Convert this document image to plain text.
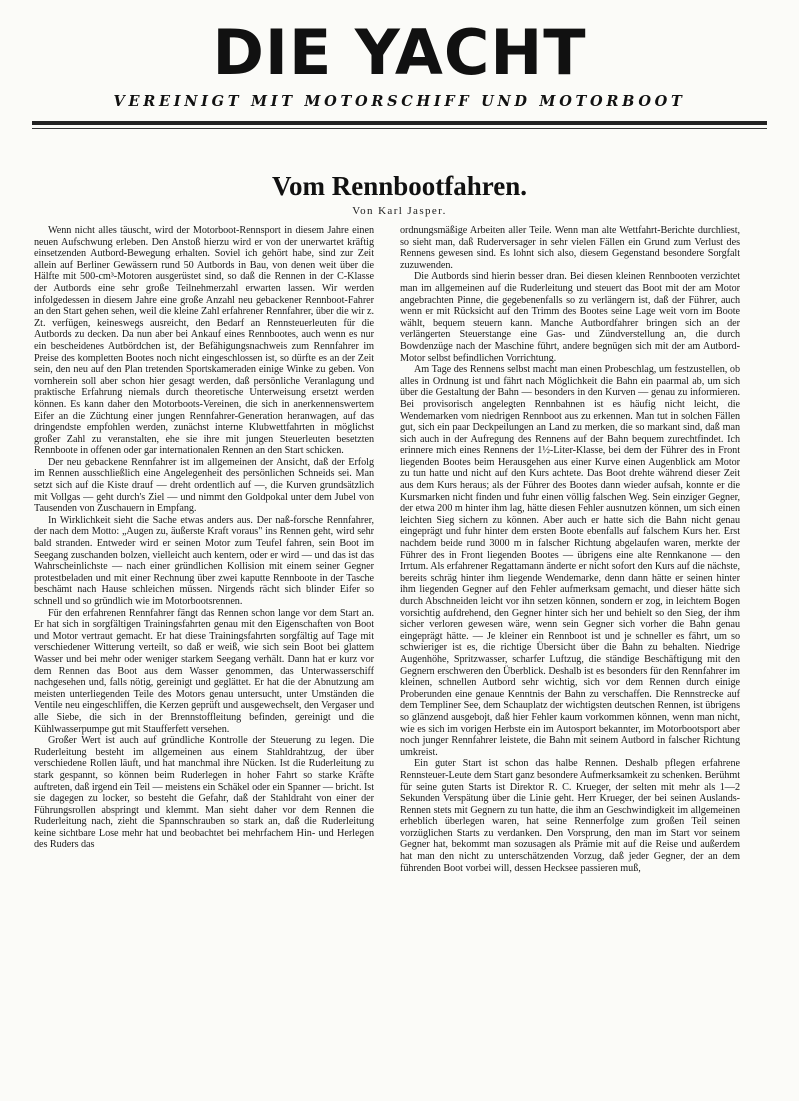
DIE YACHT
VEREINIGT MIT MOTORSCHIFF UND MOTORBOOT
Vom Rennbootfahren.
Von Karl Jasper.

Wenn nicht alles täuscht, wird der Motorboot-Rennsport in diesem Jahre einen neuen Aufschwung erleben. Den Anstoß hierzu wird er von der unerwartet kräftig einsetzenden Autbord-Bewegung erhalten. Soviel ich gehört habe, sind zur Zeit allein auf Berliner Gewässern rund 50 Autbords in Bau, von denen weit über die Hälfte mit 500-cm³-Motoren ausgerüstet sind, so daß die Rennen in der C-Klasse der Autbords eine sehr große Teilnehmerzahl erwarten lassen. Wir werden infolgedessen in diesem Jahre eine große Anzahl neu gebackener Rennboot-Fahrer an den Start gehen sehen, weil die kleine Zahl erfahrener Rennfahrer, über die wir z. Zt. verfügen, keineswegs ausreicht, den Bedarf an Rennsteuerleuten für die Autbords zu decken. Da nun aber bei Ankauf eines Rennbootes, auch wenn es nur ein bescheidenes Autbördchen ist, der Befähigungsnachweis zum Rennfahrer im Preise des kompletten Bootes noch nicht eingeschlossen ist, so dürfte es an der Zeit sein, den neu auf den Plan tretenden Sportskameraden einige Winke zu geben. Von vornherein soll aber schon hier gesagt werden, daß persönliche Veranlagung und praktische Erfahrung niemals durch theoretische Unterweisung ersetzt werden können. Es kann daher den Motorboots-Vereinen, die sich in anerkennenswertem Eifer an die Züchtung einer jungen Rennfahrer-Generation heranwagen, auf das dringendste empfohlen werden, zunächst interne Klubwettfahrten in möglichst großer Zahl zu veranstalten, ehe sie ihre mit jungen Steuerleuten besetzten Rennboote in offenen oder gar internationalen Rennen an den Start schicken.

Der neu gebackene Rennfahrer ist im allgemeinen der Ansicht, daß der Erfolg im Rennen ausschließlich eine Angelegenheit des persönlichen Schneids sei. Man setzt sich auf die Kiste drauf — dreht ordentlich auf —, die Kurven grundsätzlich mit Vollgas — geht durch's Ziel — und nimmt den Goldpokal unter dem Jubel von Tausenden von Zuschauern in Empfang.

In Wirklichkeit sieht die Sache etwas anders aus. Der naß-forsche Rennfahrer, der nach dem Motto: „Augen zu, äußerste Kraft voraus" ins Rennen geht, wird sehr bald stranden. Entweder wird er seinen Motor zum Teufel fahren, sein Boot im Seegang zuschanden bolzen, vielleicht auch kentern, oder er wird — und das ist das Wahrscheinlichste — nach einer gründlichen Kollision mit einem seiner Gegner protestbeladen und mit einer Rechnung über zwei kaputte Rennboote in der Tasche beschämt nach Hause schleichen müssen. Nirgends rächt sich blinder Eifer so schnell und so gründlich wie im Motorbootsrennen.

Für den erfahrenen Rennfahrer fängt das Rennen schon lange vor dem Start an. Er hat sich in sorgfältigen Trainingsfahrten genau mit den Eigenschaften von Boot und Motor vertraut gemacht. Er hat diese Trainingsfahrten sorgfältig auf Tage mit verschiedener Witterung verteilt, so daß er weiß, wie sich sein Boot bei glattem Wasser und bei mehr oder weniger starkem Seegang verhält. Dann hat er kurz vor dem Rennen das Boot aus dem Wasser genommen, das Unterwasserschiff nachgesehen und, falls nötig, gereinigt und geglättet. Er hat die der Abnutzung am meisten unterliegenden Teile des Motors genau untersucht, unter Umständen die Ventile neu eingeschliffen, die Kerzen geprüft und ausgewechselt, den Vergaser und alle Siebe, die sich in der Brennstoffleitung befinden, gereinigt und die Kühlwasserpumpe gut mit Staufferfett versehen.

Großer Wert ist auch auf gründliche Kontrolle der Steuerung zu legen. Die Ruderleitung besteht im allgemeinen aus einem Stahldrahtzug, der über verschiedene Rollen läuft, und hat manchmal ihre Nücken. Ist die Ruderleitung zu stark gespannt, so können beim Ruderlegen in hoher Fahrt so starke Kräfte auftreten, daß irgend ein Teil — meistens ein Schäkel oder ein Spanner — bricht. Ist sie dagegen zu locker, so besteht die Gefahr, daß der Stahldraht von einer der Führungsrollen abspringt und klemmt. Man sieht daher vor dem Rennen die Ruderleitung nach, zieht die Spannschrauben so stark an, daß die Ruderleitung keine sichtbare Lose mehr hat und beobachtet bei mehrfachem Hin- und Herlegen des Ruders das

ordnungsmäßige Arbeiten aller Teile. Wenn man alte Wettfahrt-Berichte durchliest, so sieht man, daß Ruderversager in sehr vielen Fällen ein Grund zum Verlust des Rennens gewesen sind. Es lohnt sich also, diesem Gegenstand besondere Sorgfalt zuzuwenden.

Die Autbords sind hierin besser dran. Bei diesen kleinen Rennbooten verzichtet man im allgemeinen auf die Ruderleitung und steuert das Boot mit der am Motor angebrachten Pinne, die gegebenenfalls so zu verlängern ist, daß der Führer, auch wenn er mit Rücksicht auf den Trimm des Bootes seine Lage weit vorn im Boote wählt, bequem steuern kann. Manche Autbordfahrer bringen sich an der verlängerten Steuerstange eine Gas- und Zündverstellung an, die durch Bowdenzüge nach der Maschine führt, andere begnügen sich mit der am Autbord-Motor selbst befindlichen Vorrichtung.

Am Tage des Rennens selbst macht man einen Probeschlag, um festzustellen, ob alles in Ordnung ist und fährt nach Möglichkeit die Bahn ein paarmal ab, um sich über die Gestaltung der Bahn — besonders in den Kurven — genau zu informieren. Bei provisorisch angelegten Rennbahnen ist es häufig nicht leicht, die Wendemarken vom niedrigen Rennboot aus zu erkennen. Man tut in solchen Fällen gut, sich ein paar Deckpeilungen an Land zu merken, die so markant sind, daß man sich auch in der Aufregung des Rennens auf der Bahn bequem zurechtfindet. Ich erinnere mich eines Rennens der 1½-Liter-Klasse, bei dem der Führer des in Front liegenden Bootes beim Herausgehen aus einer Kurve einen Augenblick am Motor zu tun hatte und nicht auf den Kurs achtete. Das Boot drehte während dieser Zeit aus dem Kurs heraus; als der Führer des Bootes dann wieder aufsah, konnte er die Kursmarken nicht finden und fuhr einen völlig falschen Weg. Sein einziger Gegner, der etwa 200 m hinter ihm lag, hätte diesen Fehler ausnutzen können, um sich einen leichten Sieg sichern zu können. Aber auch er hatte sich die Bahn nicht genau eingeprägt und fuhr hinter dem ersten Boote ebenfalls auf falschem Kurs her. Erst nachdem beide rund 3000 m in falscher Richtung abgelaufen waren, merkte der Führer des in Front liegenden Bootes — übrigens eine alte Rennkanone — den Irrtum. Als erfahrener Regattamann änderte er nicht sofort den Kurs auf die nächste, bereits schräg hinter ihm liegende Wendemarke, denn dann hätte er seinen hinter ihm liegenden Gegner auf den Fehler aufmerksam gemacht, und dieser hätte sich durch Abschneiden leicht vor ihn setzen können, sondern er zog, in leichtem Bogen vorsichtig aufdrehend, den Gegner hinter sich her und behielt so den Sieg, der ihm sicher verloren gewesen wäre, wenn sein Gegner sich vorher die Bahn genau eingeprägt hätte. — Je kleiner ein Rennboot ist und je schneller es fährt, um so schwieriger ist es, die richtige Übersicht über die Bahn zu behalten. Niedrige Augenhöhe, Spritzwasser, scharfer Luftzug, die ständige Beschäftigung mit den Gegnern erschweren den Überblick. Deshalb ist es besonders für den Rennfahrer im kleinen, schnellen Autbord sehr wichtig, sich vor dem Rennen durch einige Proberunden eine genaue Kenntnis der Bahn zu verschaffen. Die Rennstrecke auf dem Templiner See, dem Schauplatz der wichtigsten deutschen Rennen, ist übrigens so glänzend ausgebojt, daß hier Fehler kaum vorkommen können, wenn man nicht, wie es sich im vorigen Herbste ein im Autosport bekannter, im Motorbootsport aber noch junger Rennfahrer leistete, die Bahn mit seinem Autbord in falscher Richtung umkreist.

Ein guter Start ist schon das halbe Rennen. Deshalb pflegen erfahrene Rennsteuer-Leute dem Start ganz besondere Aufmerksamkeit zu schenken. Berühmt für seine guten Starts ist Direktor R. C. Krueger, der selten mit mehr als 1—2 Sekunden Verspätung über die Linie geht. Herr Krueger, der bei seinen Auslands-Rennen stets mit Gegnern zu tun hatte, die ihm an Geschwindigkeit im allgemeinen erheblich überlegen waren, hat seine Rennerfolge zum großen Teil seinen vorzüglichen Starts zu verdanken. Den Vorsprung, den man im Start vor seinem Gegner hat, bekommt man sozusagen als Prämie mit auf die Reise und außerdem hat man den nicht zu unterschätzenden Vorzug, daß jeder Gegner, der an dem führenden Boot vorbei will, dessen Hecksee passieren muß,
